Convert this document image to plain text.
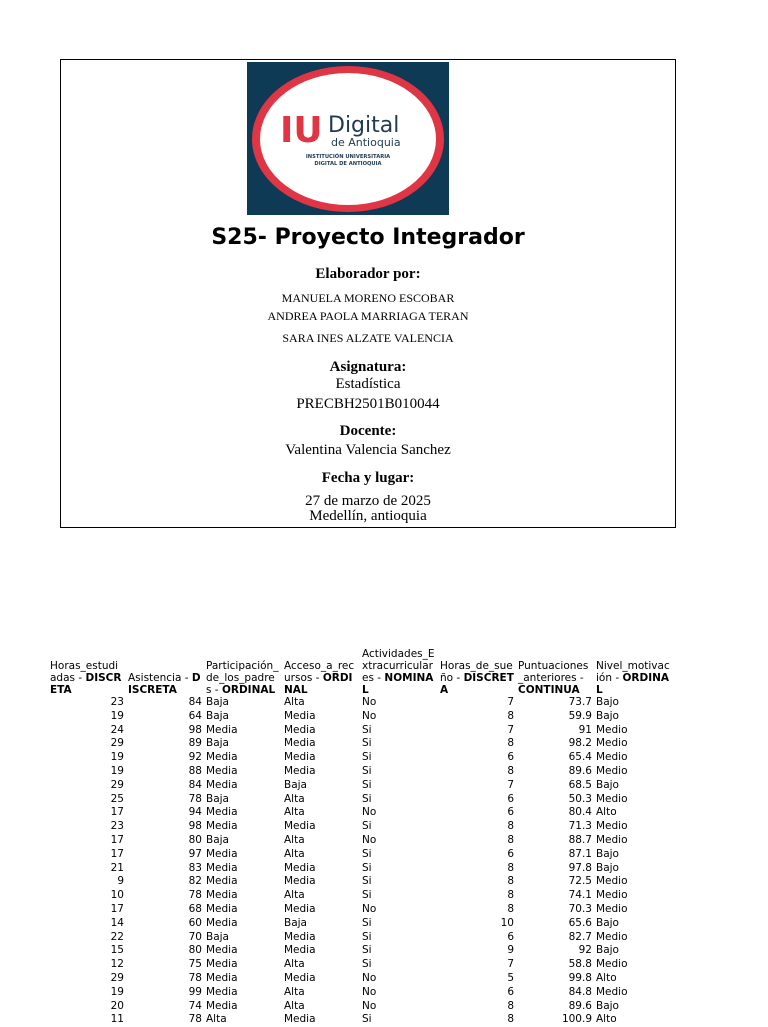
IU Digital
de Antioquia
INSTITUCIÓN UNIVERSITARIA
DIGITAL DE ANTIOQUIA
S25- Proyecto Integrador
Elaborador por:
MANUELA MORENO ESCOBAR
ANDREA PAOLA MARRIAGA TERAN
SARA INES ALZATE VALENCIA
Asignatura:
Estadística
PRECBH2501B010044
Docente:
Valentina Valencia Sanchez
Fecha y lugar:
27 de marzo de 2025
Medellín, antioquia
Horas_estudiadas - DISCRETA	Asistencia - DISCRETA	Participación_de_los_padres - ORDINAL	Acceso_a_recursos - ORDINAL	Actividades_Extracurriculares - NOMINAL	Horas_de_sueño - DISCRETA	Puntuaciones_anteriores - CONTINUA	Nivel_motivación - ORDINAL
23	84	Baja	Alta	No	7	73.7	Bajo
19	64	Baja	Media	No	8	59.9	Bajo
24	98	Media	Media	Si	7	91	Medio
29	89	Baja	Media	Si	8	98.2	Medio
19	92	Media	Media	Si	6	65.4	Medio
19	88	Media	Media	Si	8	89.6	Medio
29	84	Media	Baja	Si	7	68.5	Bajo
25	78	Baja	Alta	Si	6	50.3	Medio
17	94	Media	Alta	No	6	80.4	Alto
23	98	Media	Media	Si	8	71.3	Medio
17	80	Baja	Alta	No	8	88.7	Medio
17	97	Media	Alta	Si	6	87.1	Bajo
21	83	Media	Media	Si	8	97.8	Bajo
9	82	Media	Media	Si	8	72.5	Medio
10	78	Media	Alta	Si	8	74.1	Medio
17	68	Media	Media	No	8	70.3	Medio
14	60	Media	Baja	Si	10	65.6	Bajo
22	70	Baja	Media	Si	6	82.7	Medio
15	80	Media	Media	Si	9	92	Bajo
12	75	Media	Alta	Si	7	58.8	Medio
29	78	Media	Media	No	5	99.8	Alto
19	99	Media	Alta	No	6	84.8	Medio
20	74	Media	Alta	No	8	89.6	Bajo
11	78	Alta	Media	Si	8	100.9	Alto
